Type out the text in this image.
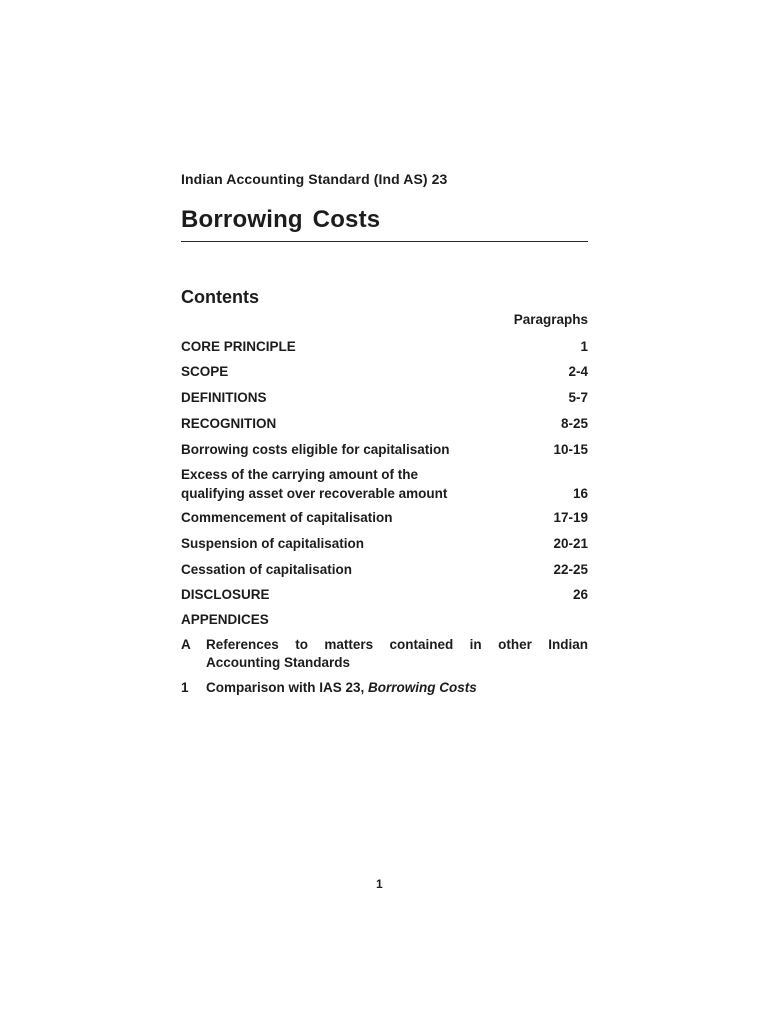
Indian Accounting Standard (Ind AS) 23
Borrowing Costs
Contents
Paragraphs
CORE PRINCIPLE	1
SCOPE	2-4
DEFINITIONS	5-7
RECOGNITION	8-25
Borrowing costs eligible for capitalisation	10-15
Excess of the carrying amount of the qualifying asset over recoverable amount	16
Commencement of capitalisation	17-19
Suspension of capitalisation	20-21
Cessation of capitalisation	22-25
DISCLOSURE	26
APPENDICES
A References to matters contained in other Indian Accounting Standards
1 Comparison with IAS 23, Borrowing Costs
1
